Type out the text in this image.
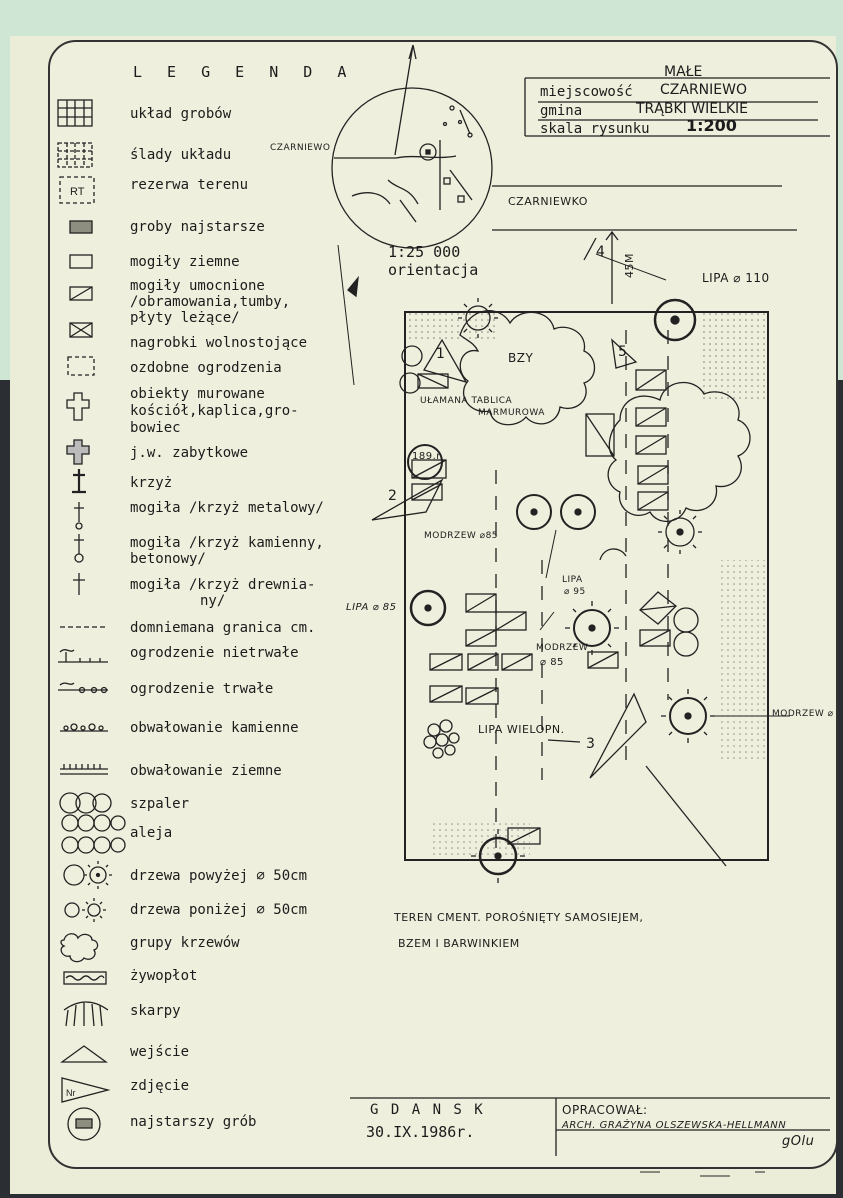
L E G E N D A
układ grobów
ślady układu
rezerwa terenu
groby najstarsze
mogiły ziemne
mogiły umocnione
/obramowania,tumby,
płyty leżące/
nagrobki wolnostojące
ozdobne ogrodzenia
obiekty murowane
kościół,kaplica,gro-
bowiec
j.w. zabytkowe
krzyż
mogiła /krzyż metalowy/
mogiła /krzyż kamienny,
betonowy/
mogiła /krzyż drewnia-
ny/
domniemana granica cm.
ogrodzenie nietrwałe
ogrodzenie trwałe
obwałowanie kamienne
obwałowanie ziemne
szpaler
aleja
drzewa powyżej ⌀ 50cm
drzewa poniżej ⌀ 50cm
grupy krzewów
żywopłot
skarpy
wejście
zdjęcie
najstarszy grób
RT
Nr
MAŁE
miejscowość CZARNIEWO
gmina	TRĄBKI WIELKIE
skala rysunku 1:200
CZARNIEWO
1:25 000
orientacja
CZARNIEWKO
45M
4
5
1
2
3
LIPA ⌀ 110
BZY
UŁAMANA TABLICA
MARMUROWA
189.r
MODRZEW ⌀85
LIPA
⌀ 95
LIPA ⌀ 85
MODRZEW
⌀ 85
LIPA WIELOPN.
MODRZEW ⌀
TEREN CMENT. POROŚNIĘTY SAMOSIEJEM,
BZEM I BARWINKIEM
G D A N S K
30.IX.1986r.
OPRACOWAŁ:
ARCH. GRAŻYNA OLSZEWSKA-HELLMANN
gOlu
